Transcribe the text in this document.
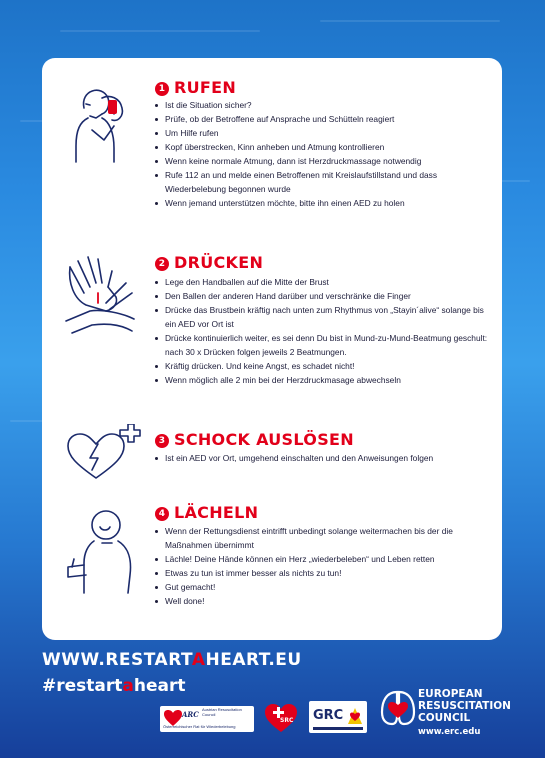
1 RUFEN
Ist die Situation sicher?
Prüfe, ob der Betroffene auf Ansprache und Schütteln reagiert
Um Hilfe rufen
Kopf überstrecken, Kinn anheben und Atmung kontrollieren
Wenn keine normale Atmung, dann ist Herzdruckmassage notwendig
Rufe 112 an und melde einen Betroffenen mit Kreislaufstillstand und dass Wiederbelebung begonnen wurde
Wenn jemand unterstützen möchte, bitte ihn einen AED zu holen
2 DRÜCKEN
Lege den Handballen auf die Mitte der Brust
Den Ballen der anderen Hand darüber und verschränke die Finger
Drücke das Brustbein kräftig nach unten zum Rhythmus von „Stayin´alive“ solange bis ein AED vor Ort ist
Drücke kontinuierlich weiter, es sei denn Du bist in Mund-zu-Mund-Beatmung geschult: nach 30 x Drücken folgen jeweils 2 Beatmungen.
Kräftig drücken. Und keine Angst, es schadet nicht!
Wenn möglich alle 2 min bei der Herzdruckmasage abwechseln
3 SCHOCK AUSLÖSEN
Ist ein AED vor Ort, umgehend einschalten und den Anweisungen folgen
4 LÄCHELN
Wenn der Rettungsdienst eintrifft unbedingt solange weitermachen bis der die Maßnahmen übernimmt
Lächle! Deine Hände können ein Herz „wiederbeleben“ und Leben retten
Etwas zu tun ist immer besser als nichts zu tun!
Gut gemacht!
Well done!
WWW.RESTARTAHEART.EU

#restartaheart

ARC
Austrian Resuscitation Council
Österreichischer Rat für Wiederbelebung
SRC GRC

EUROPEAN
RESUSCITATION
COUNCIL

www.erc.edu
